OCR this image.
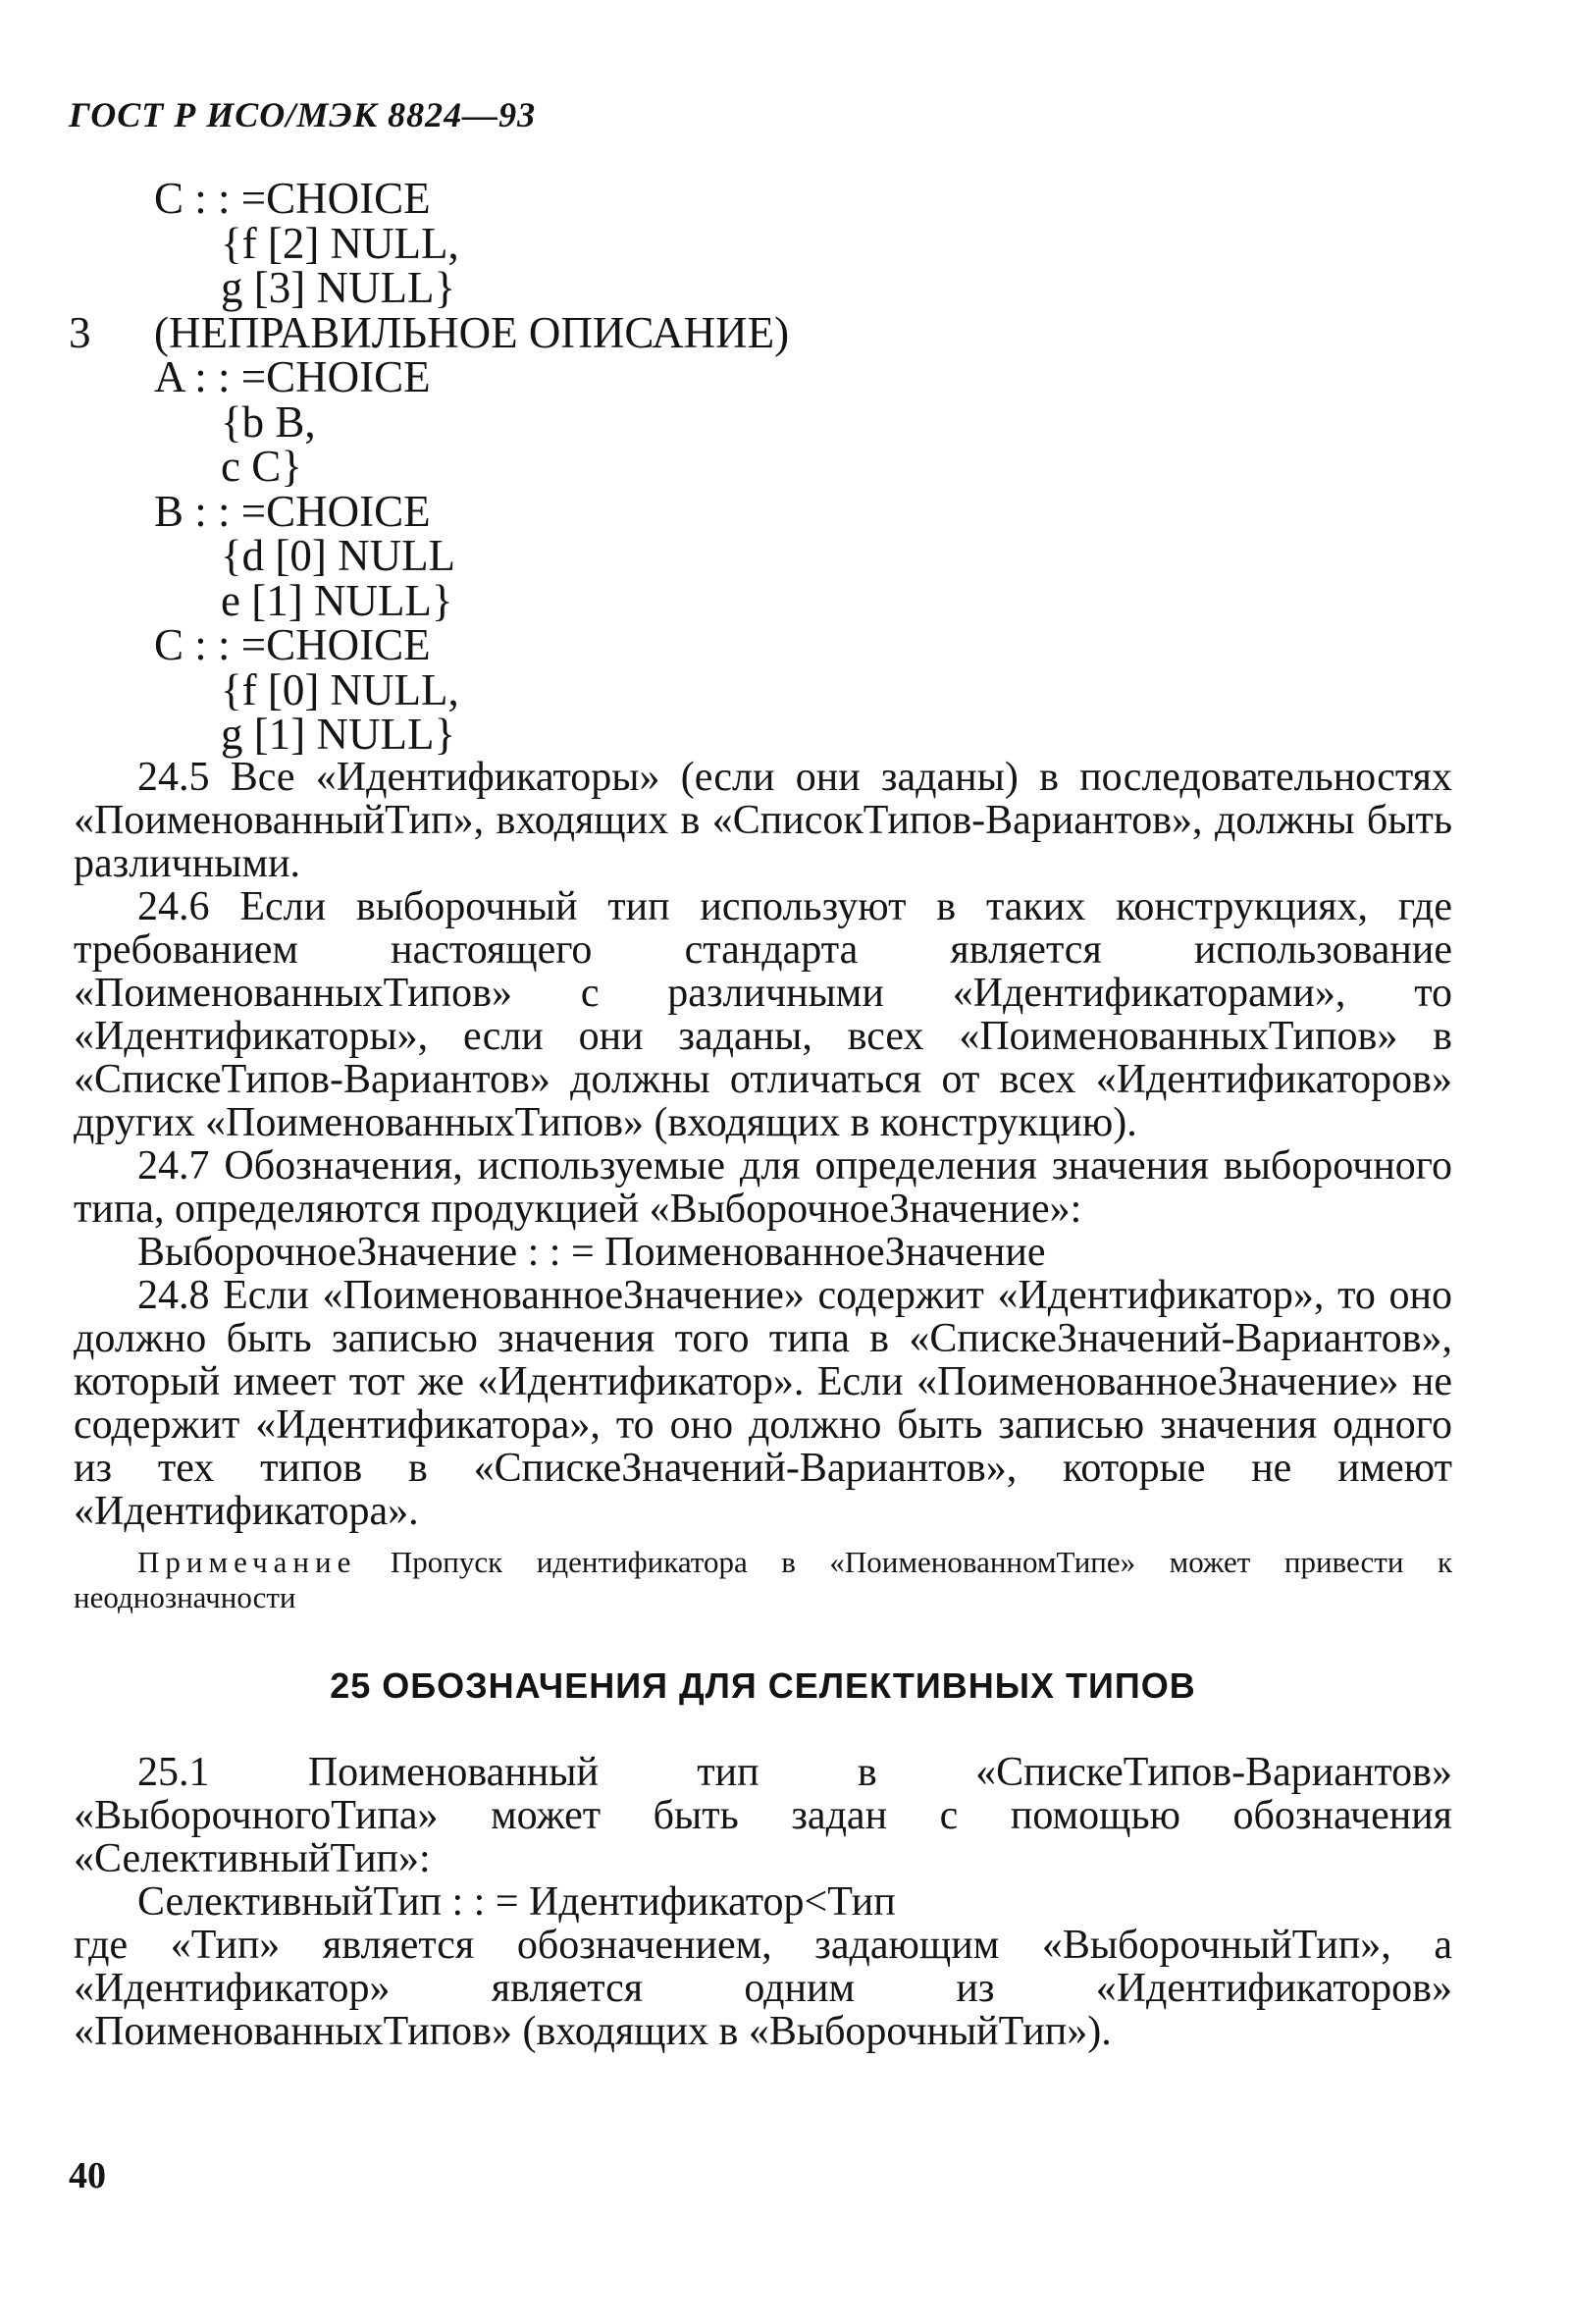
ГОСТ Р ИСО/МЭК 8824—93
C : : =CHOICE
{f [2] NULL,
g [3] NULL}
3 (НЕПРАВИЛЬНОЕ ОПИСАНИЕ)
A : : =CHOICE
{b B,
c C}
B : : =CHOICE
{d [0] NULL
e [1] NULL}
C : : =CHOICE
{f [0] NULL,
g [1] NULL}

24.5 Все «Идентификаторы» (если они заданы) в последовательностях «ПоименованныйТип», входящих в «СписокТипов-Вариантов», должны быть различными.

24.6 Если выборочный тип используют в таких конструкциях, где требованием настоящего стандарта является использование «ПоименованныхТипов» с различными «Идентификаторами», то «Идентификаторы», если они заданы, всех «ПоименованныхТипов» в «СпискеТипов-Вариантов» должны отличаться от всех «Идентификаторов» других «ПоименованныхТипов» (входящих в конструкцию).

24.7 Обозначения, используемые для определения значения выборочного типа, определяются продукцией «ВыборочноеЗначение»:

ВыборочноеЗначение : : = ПоименованноеЗначение

24.8 Если «ПоименованноеЗначение» содержит «Идентификатор», то оно должно быть записью значения того типа в «СпискеЗначений-Вариантов», который имеет тот же «Идентификатор». Если «ПоименованноеЗначение» не содержит «Идентификатора», то оно должно быть записью значения одного из тех типов в «СпискеЗначений-Вариантов», которые не имеют «Идентификатора».

Примечание Пропуск идентификатора в «ПоименованномТипе» может привести к неоднозначности

25 ОБОЗНАЧЕНИЯ ДЛЯ СЕЛЕКТИВНЫХ ТИПОВ

25.1 Поименованный тип в «СпискеТипов-Вариантов» «ВыборочногоТипа» может быть задан с помощью обозначения «СелективныйТип»:

СелективныйТип : : = Идентификатор<Тип

где «Тип» является обозначением, задающим «ВыборочныйТип», а «Идентификатор» является одним из «Идентификаторов» «ПоименованныхТипов» (входящих в «ВыборочныйТип»).

40
